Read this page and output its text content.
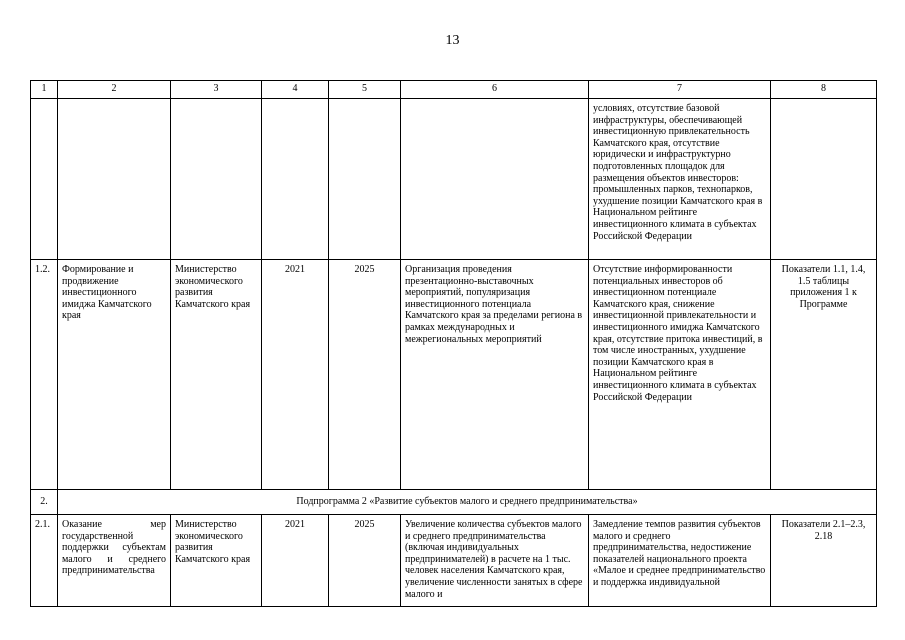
13
1	2	3	4	5	6	7	8
						условиях, отсутствие базовой инфраструктуры, обеспечивающей инвестиционную привлекательность Камчатского края, отсутствие юридически и инфраструктурно подготовленных площадок для размещения объектов инвесторов: промышленных парков, технопарков, ухудшение позиции Камчатского края в Национальном рейтинге инвестиционного климата в субъектах Российской Федерации	
1.2.	Формирование и продвижение инвестиционного имиджа Камчатского края	Министерство экономического развития Камчатского края	2021	2025	Организация проведения презентационно-выставочных мероприятий, популяризация инвестиционного потенциала Камчатского края за пределами региона в рамках международных и межрегиональных мероприятий	Отсутствие информированности потенциальных инвесторов об инвестиционном потенциале Камчатского края, снижение инвестиционной привлекательности и инвестиционного имиджа Камчатского края, отсутствие притока инвестиций, в том числе иностранных, ухудшение позиции Камчатского края в Национальном рейтинге инвестиционного климата в субъектах Российской Федерации	Показатели 1.1, 1.4, 1.5 таблицы приложения 1 к Программе
2.	Подпрограмма 2 «Развитие субъектов малого и среднего предпринимательства»						
2.1.	Оказание мер государственной поддержки субъектам малого и среднего предпринимательства	Министерство экономического развития Камчатского края	2021	2025	Увеличение количества субъектов малого и среднего предпринимательства (включая индивидуальных предпринимателей) в расчете на 1 тыс. человек населения Камчатского края, увеличение численности занятых в сфере малого и	Замедление темпов развития субъектов малого и среднего предпринимательства, недостижение показателей национального проекта «Малое и среднее предпринимательство и поддержка индивидуальной	Показатели 2.1–2.3, 2.18
